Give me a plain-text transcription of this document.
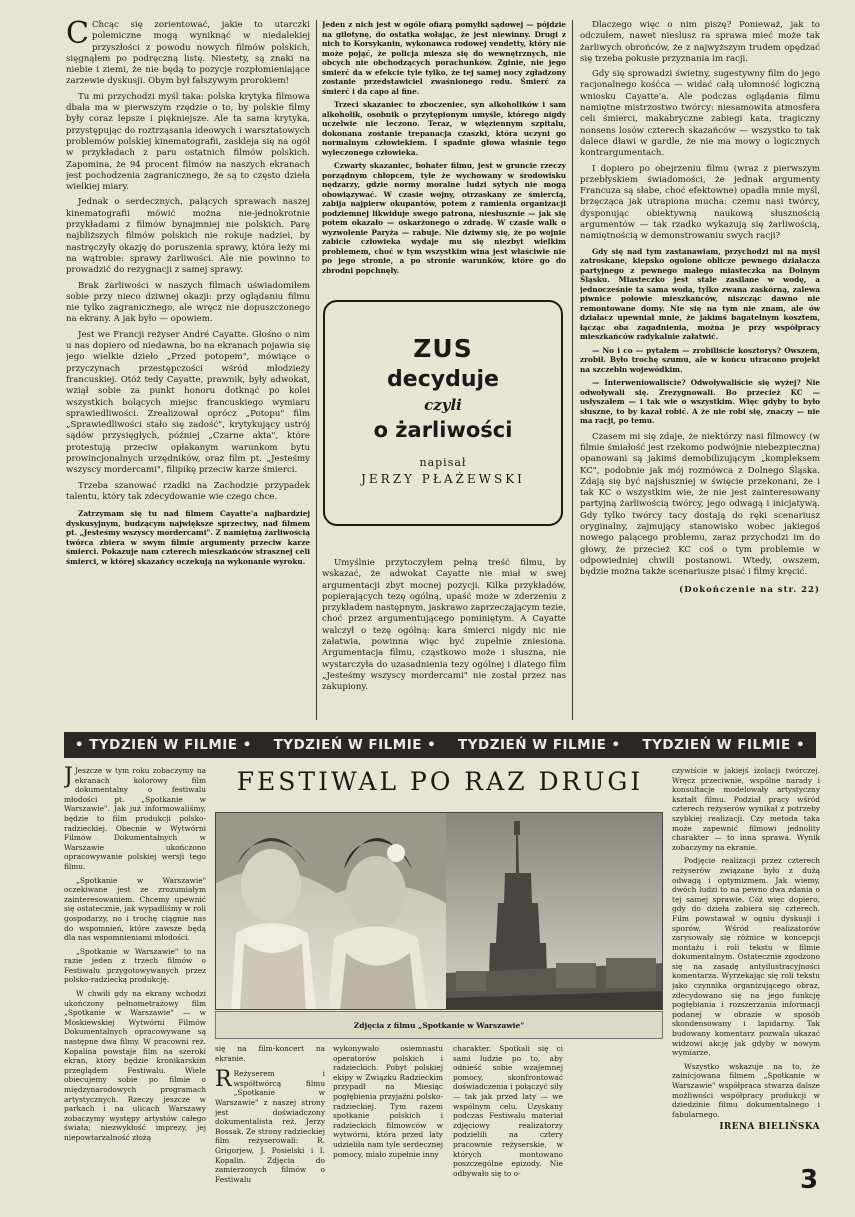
C Chcąc się zorientować, jakie to utarczki polemiczne mogą wyniknąć w niedalekiej przyszłości z powodu nowych filmów polskich, sięgnąłem po podręczną listę. Niestety, są znaki na niebie i ziemi, że nie będą to pozycje rozpłomieniające zarzewie dyskusji. Obym był fałszywym prorokiem!

Tu mi przychodzi myśl taka: polska krytyka filmowa dbała ma w pierwszym rzędzie o to, by polskie filmy były coraz lepsze i piękniejsze. Ale ta sama krytyka, przystępując do roztrząsania ideowych i warsztatowych problemów polskiej kinematografii, zaskleja się na ogół w przykładach z paru ostatnich filmów polskich. Zapomina, że 94 procent filmów na naszych ekranach jest pochodzenia zagranicznego, że są to często dzieła wielkiej miary.

Jednak o serdecznych, palących sprawach naszej kinematografii mówić można nie-jednokrotnie przykładami z filmów bynajmniej nie polskich. Parę najbliższych filmów polskich nie rokuje nadziei, by nastręczyły okazję do poruszenia sprawy, która leży mi na wątrobie: sprawy żarliwości. Ale nie powinno to prowadzić do rezygnacji z samej sprawy.

Brak żarliwości w naszych filmach uświadomiłem sobie przy nieco dziwnej okazji: przy oglądaniu filmu nie tylko zagranicznego, ale wręcz nie dopuszczonego na ekrany. A jak było — opowiem.

Jest we Francji reżyser André Cayatte. Głośno o nim u nas dopiero od niedawna, bo na ekranach pojawia się jego wielkie dzieło „Przed potopem", mówiące o przyczynach przestępczości wśród młodzieży francuskiej. Otóż tedy Cayatte, prawnik, były adwokat, wziął sobie za punkt honoru dotknąć po kolei wszystkich bolących miejsc francuskiego wymiaru sprawiedliwości. Zrealizował oprócz „Potopu" film „Sprawiedliwości stało się zadość", krytykujący ustrój sądów przysięgłych, później „Czarne akta", które protestują przeciw opłakanym warunkom bytu prowincjonalnych urzędników, oraz film pt. „Jesteśmy wszyscy mordercami", filipikę przeciw karze śmierci.

Trzeba szanować rzadki na Zachodzie przypadek talentu, który tak zdecydowanie wie czego chce.

Zatrzymam się tu nad filmem Cayatte'a najbardziej dyskusyjnym, budzącym największe sprzeciwy, nad filmem pt. „Jesteśmy wszyscy mordercami". Z namiętną żarliwością twórca zbiera w swym filmie argumenty przeciw karze śmierci. Pokazuje nam czterech mieszkańców strasznej celi śmierci, w której skazańcy oczekują na wykonanie wyroku.

Jeden z nich jest w ogóle ofiarą pomyłki sądowej — pójdzie na gilotynę, do ostatka wołając, że jest niewinny. Drugi z nich to Korsykanin, wykonawca rodowej vendetty, który nie może pojąć, że policja miesza się do wewnętrznych, nie obcych nie obchodzących porachunków. Zginie, nie jego śmierć da w efekcie tyle tylko, że tej samej nocy zgładzony zostanie przedstawiciel zwaśnionego rodu. Śmierć za śmierć i da capo al fine.

Trzeci skazaniec to zboczeniec, syn alkoholików i sam alkoholik, osobnik o przytępionym umyśle, którego nigdy uczelwie nie leczono. Teraz, w więziennym szpitalu, dokonana zostanie trepanacja czaszki, która uczyni go normalnym człowiekiem. I spadnie głowa właśnie tego wyleczonego człowieka.

Czwarty skazaniec, bohater filmu, jest w gruncie rzeczy porządnym chłopcem, tyle że wychowany w środowisku nędzarzy, gdzie normy moralne ludzi sytych nie mogą obowiązywać. W czasie wojny, otrzaskany ze śmiercią, zabija najpierw okupantów, potem z ramienia organizacji podziemnej likwiduje swego patrona, niesłusznie — jak się potem okazało — oskarżonego o zdradę. W czasie walk o wyzwolenie Paryża — rabuje. Nie dziwmy się, że po wojnie zabicie człowieka wydaje mu się niezbyt wielkim problemem, choć w tym wszystkim wina jest właściwie nie po jego stronie, a po stronie warunków, które go do zbrodni popchnęły.

ZUS
decyduje
czyli
o żarliwości
napisał
JERZY PŁAŻEWSKI

Umyślnie przytoczyłem pełną treść filmu, by wskazać, że adwokat Cayatte nie miał w swej argumentacji zbyt mocnej pozycji. Kilka przykładów, popierających tezę ogólną, upaść może w zderzeniu z przykładem następnym, jaskrawo zaprzeczającym tezie, choć przez argumentującego pominiętym. A Cayatte walczył o tezę ogólną: kara śmierci nigdy nic nie załatwia, powinna więc być zupełnie zniesiona. Argumentacja filmu, cząstkowo może i słuszna, nie wystarczyła do uzasadnienia tezy ogólnej i dlatego film „Jesteśmy wszyscy mordercami" nie został przez nas zakupiony.

Dlaczego więc o nim piszę? Ponieważ, jak to odczułem, nawet nieslusz ra sprawa mieć może tak żarliwych obrońców, że z najwyższym trudem opędzać się trzeba pokusie przyznania im racji.

Gdy się sprowadzi świetny, sugestywny film do jego racjonalnego kośćca — widać całą ułomność logiczną wniosku Cayatte'a. Ale podczas oglądania filmu namiętne mistrzostwo twórcy: niesamowita atmosfera celi śmierci, makabryczne zabiegi kata, tragiczny nonsens losów czterech skazańców — wszystko to tak dalece dławi w gardle, że nie ma mowy o logicznych kontrargumentach.

I dopiero po obejrzeniu filmu (wraz z pierwszym przebłyskiem świadomości, że jednak argumenty Francuza są słabe, choć efektowne) opadła mnie myśl, brzęcząca jak utrapiona mucha: czemu nasi twórcy, dysponując obiektywną naukową słusznością argumentów — tak rzadko wykazują się żarliwością, namiętnością w demonstrowaniu swych racji?

Gdy się nad tym zastanawiam, przychodzi mi na myśl zatroskane, kiepsko ogolone oblicze pewnego działacza partyjnego z pewnego małego miasteczka na Dolnym Śląsku. Miasteczko jest stale zasilane w wodę, a jednocześnie ta sama woda, tylko zwana zaskórną, zalewa piwnice połowie mieszkańców, niszcząc dawno nie remontowane domy. Nie się na tym nie znam, ale ów działacz upewniał mnie, że jakimś bagatelnym kosztem, łącząc oba zagadnienia, można je przy współpracy mieszkańców radykalnie załatwić.

— No i co — pytałem — zrobiliście kosztorys? Owszem, zrobił. Było trochę szumu, ale w końcu utracono projekt na szczebln wojewódkim.

— Interweniowaliście? Odwoływaliście się wyżej? Nie odwoływali się. Zrezygnowali. Bo przecież KC — usłyszałem — i tak wie o wszystkim. Więc gdyby to było słuszne, to by kazał robić. A że nie robi się, znaczy — nie ma racji, po temu.

Czasem mi się zdaje, że niektórzy nasi filmowcy (w filmie śmiałość jest rzekomo podwójnie niebezpieczna) opanowani są jakimś demobilizującym „kompleksem KC", podobnie jak mój rozmówca z Dolnego Śląska. Zdają się być najsłuszniej w święcie przekonani, że i tak KC o wszystkim wie, że nie jest zainteresowany partyjną żarliwością twórcy, jego odwagą i inicjatywą. Gdy tylko twórcy tacy dostają do ręki scenariusz oryginalny, zajmujący stanowisko wobec jakiegoś nowego palącego problemu, zaraz przychodzi im do głowy, że przecież KC coś o tym problemie w odpowiedniej chwili postanowi. Wtedy, owszem, będzie można także scenariusze pisać i filmy kręcić.

(Dokończenie na str. 22)
• TYDZIEŃ W FILMIE • TYDZIEŃ W FILMIE • TYDZIEŃ W FILMIE • TYDZIEŃ W FILMIE •

J Jeszcze w tym roku zobaczymy na ekranach kolorowy film dokumentalny o festiwalu młodości pt. „Spotkanie w Warszawie". Jak już informowaliśmy, będzie to film produkcji polsko-radzieckiej. Obecnie w Wytwórni Filmów Dokumentalnych w Warszawie ukończono opracowywanie polskiej wersji tego filmu.

„Spotkanie w Warszawie" oczekiwane jest ze zrozumiałym zainteresowaniem. Chcemy upewnić się ostatecznie, jak wypadliśmy w roli gospodarzy, no i trochę ciągnie nas do wspomnień, które zawsze będą dla nas wspomnieniami młodości.

„Spotkanie w Warszawie" to na razie jeden z trzech filmów o Festiwalu przygotowywanych przez polsko-radziecką produkcję.

W chwili gdy na ekrany wchodzi ukończony pełnometrażowy film „Spotkanie w Warszawie" — w Moskiewskiej Wytwórni Filmów Dokumentalnych opracowywane są następne dwa filmy. W pracowni reż. Kopalina powstaje film na szeroki ekran, który będzie kronikarskim przeglądem Festiwalu. Wiele obiecujemy sobie po filmie o międzynarodowych programach artystycznych. Rzeczy jeszcze w parkach i na ulicach Warszawy zobaczymy występy artystów całego świata; niezwykłość imprezy, jej niepowtarzalność złożą

FESTIWAL PO RAZ DRUGI
Zdjęcia z filmu „Spotkanie w Warszawie"

się na film-koncert na ekranie.

R Reżyserem i współtwórcą filmu „Spotkanie w Warszawie" z naszej strony jest doświadczony dokumentalista reż. Jerzy Bossak. Ze strony radzieckiej film reżyserowali: R. Grigorjew, J. Posielski i I. Kopalin. Zdjęcia do zamierzonych filmów o Festiwalu

wykonywało osiemnastu operatorów polskich i radzieckich. Pobyt polskiej ekipy w Związku Radzieckim przypadł na Miesiąc pogłębienia przyjaźni polsko-radzieckiej. Tym razem spotkanie polskich i radzieckich filmowców w wytwórni, która przed laty udzieliła nam tyle serdecznej pomocy, miało zupełnie inny

charakter. Spotkali się ci sami ludzie po to, aby odnieść sobie wzajemnej pomocy, skonfrontować doświadczenia i połączyć siły — tak jak przed laty — we wspólnym celu. Uzyskany podczas Festiwalu materiał zdjęciowy realizatorzy podzielili na cztery pracownie reżyserskie, w których montowano poszczególne epizody. Nie odbywało się to o-

czywiście w jakiejś izolacji twórczej. Wręcz przeciwnie, wspólne narady i konsultacje modelowały artystyczny kształt filmu. Podział pracy wśród czterech reżyserów wynikał z potrzeby szybkiej realizacji. Czy metoda taka może zapewnić filmowi jednolity charakter — to inna sprawa. Wynik zobaczymy na ekranie.

Podjęcie realizacji przez czterech reżyserów związane było z dużą odwagą i optymizmem. Jak wiemy, dwóch ludzi to na pewno dwa zdania o tej samej sprawie. Cóż więc dopiero, gdy do dzieła zabiera się czterech. Film powstawał w ogniu dyskusji i sporów. Wśród realizatorów zarysowały się różnice w koncepcji montażu i roli tekstu w filmie dokumentalnym. Ostatecznie zgodzono się na zasadę antyilustracyjności komentarza. Wyrzekając się roli tekstu jako czynnika organizującego obraz, zdecydowano się na jego funkcję pogłębiania i rozszerzania informacji podanej w obrazie w sposób skondensowany i lapidarny. Tak budowany komentarz pozwala ukazać widzowi akcję jak gdyby w nowym wymiarze.

Wszystko wskazuje na to, że zainicjowana filmem „Spotkanie w Warszawie" współpraca stwarza dalsze możliwości współpracy produkcji w dziedzinie filmu dokumentalnego i fabularnego.

IRENA BIELIŃSKA
3
